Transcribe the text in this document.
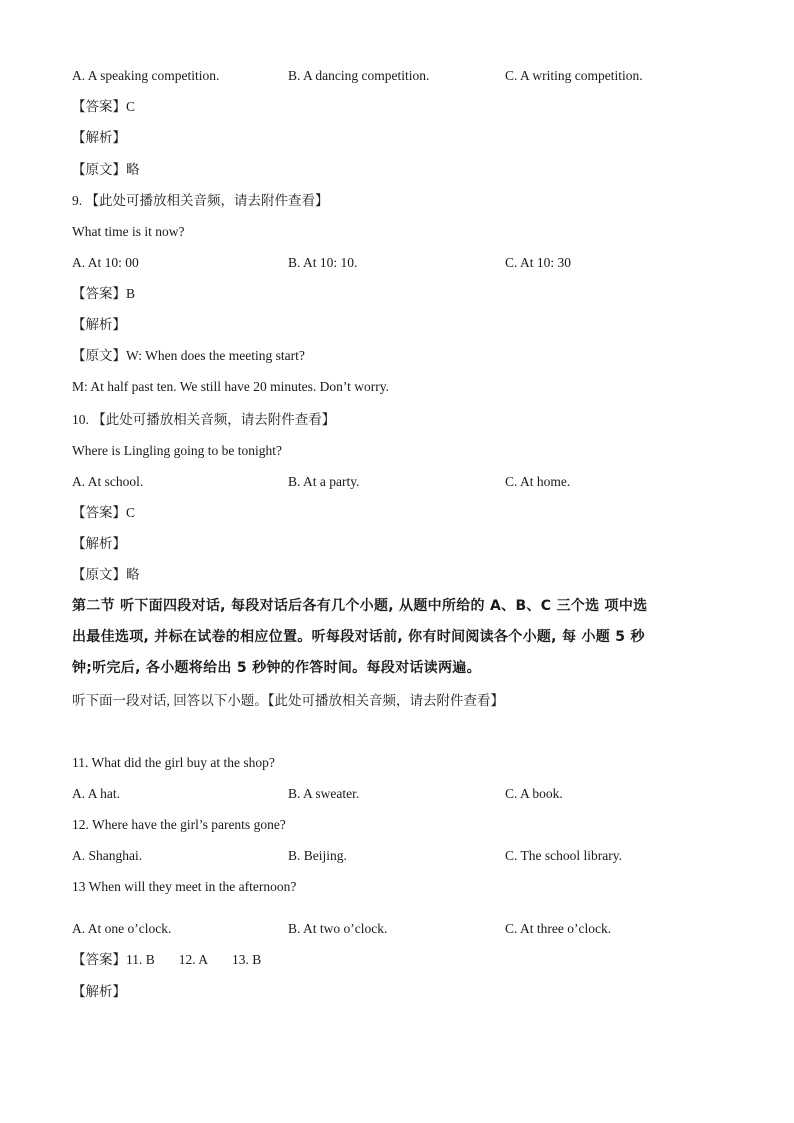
A. A speaking competition.	B. A dancing competition.	C. A writing competition.
【答案】C
【解析】
【原文】略
9. 【此处可播放相关音频，请去附件查看】
What time is it now?
A. At 10: 00	B. At 10: 10.	C. At 10: 30
【答案】B
【解析】
【原文】W: When does the meeting start?
M: At half past ten. We still have 20 minutes. Don’t worry.
10. 【此处可播放相关音频，请去附件查看】
Where is Lingling going to be tonight?
A. At school.	B. At a party.	C. At home.
【答案】C
【解析】
【原文】略
第二节 听下面四段对话, 每段对话后各有几个小题, 从题中所给的 A、B、C 三个选 项中选
出最佳选项, 并标在试卷的相应位置。听每段对话前, 你有时间阅读各个小题, 每 小题 5 秒
钟;听完后, 各小题将给出 5 秒钟的作答时间。每段对话读两遍。
听下面一段对话, 回答以下小题。【此处可播放相关音频，请去附件查看】
11. What did the girl buy at the shop?
A. A hat.	B. A sweater.	C. A book.
12. Where have the girl’s parents gone?
A. Shanghai.	B. Beijing.	C. The school library.
13 When will they meet in the afternoon?
A. At one o’clock.	B. At two o’clock.	C. At three o’clock.
【答案】11. B 12. A 13. B
【解析】
